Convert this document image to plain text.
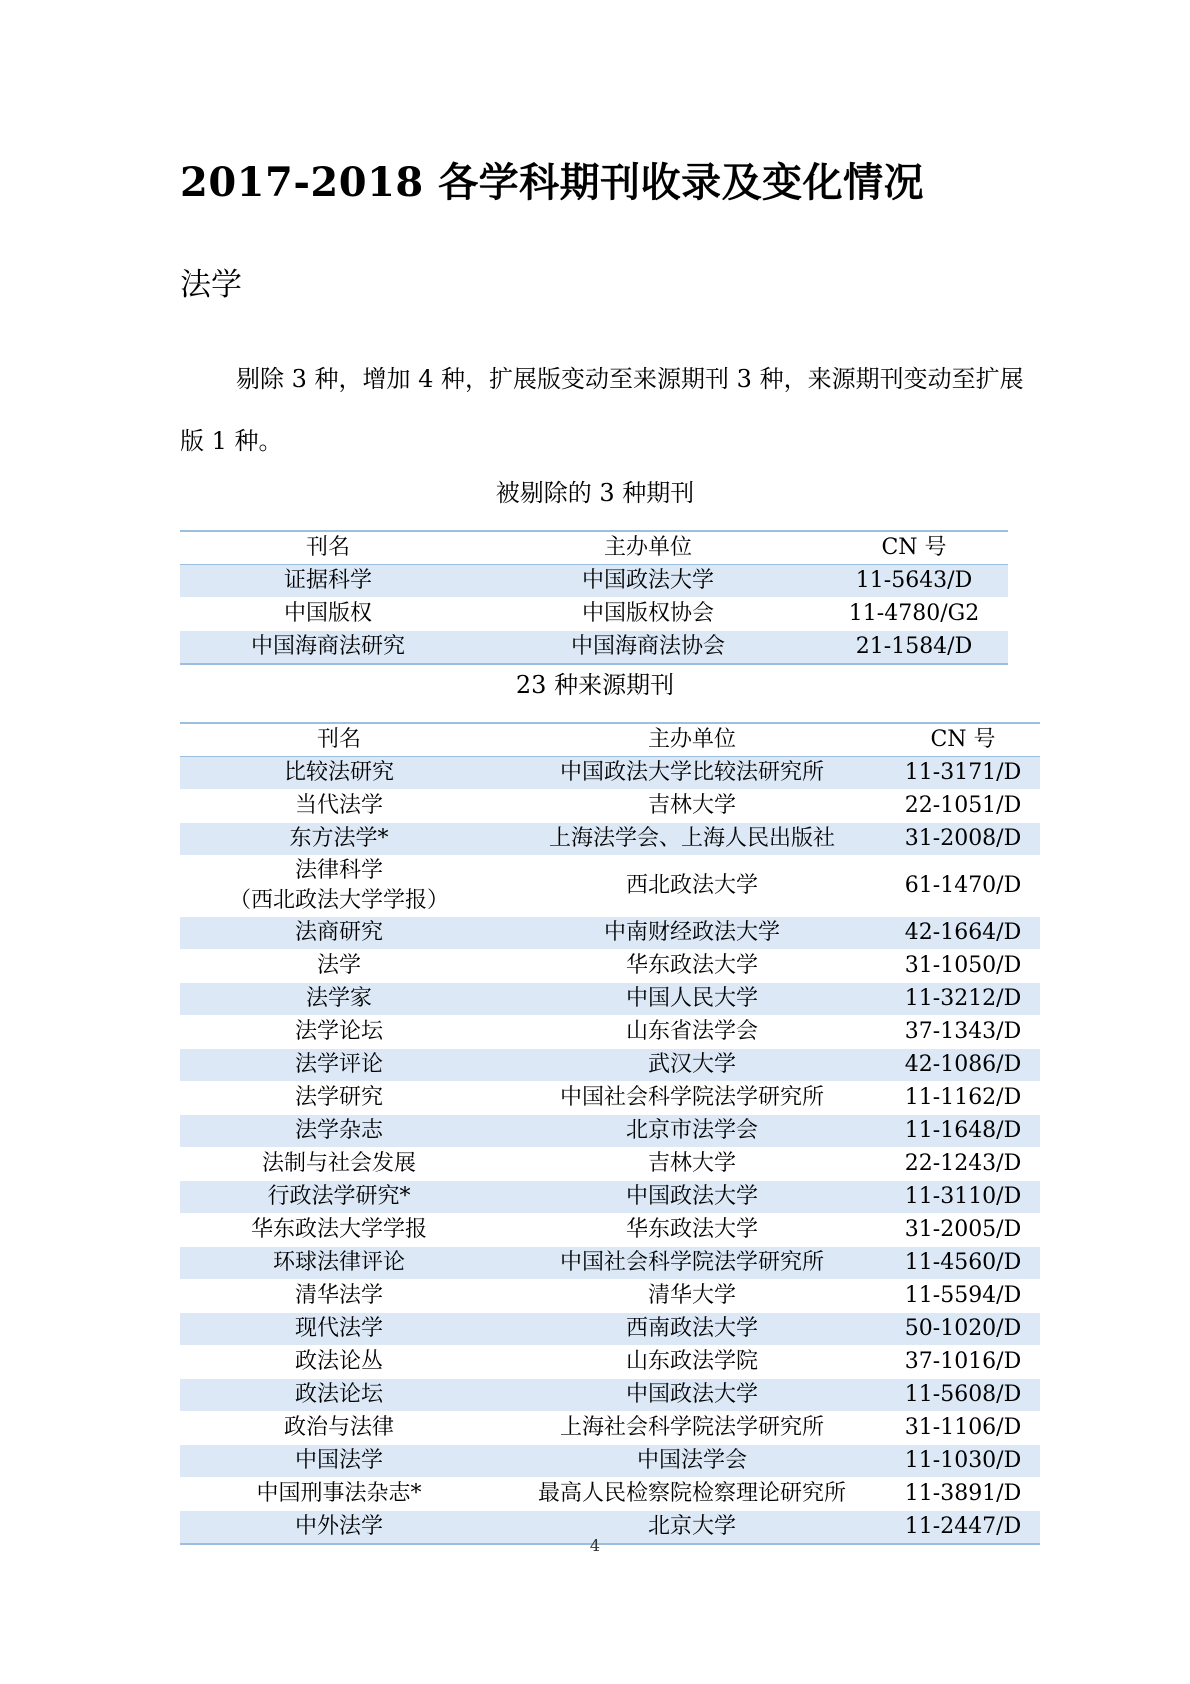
2017-2018 各学科期刊收录及变化情况
法学

剔除 3 种，增加 4 种，扩展版变动至来源期刊 3 种，来源期刊变动至扩展版 1 种。

被剔除的 3 种期刊

刊名	主办单位	CN 号
证据科学	中国政法大学	11-5643/D
中国版权	中国版权协会	11-4780/G2
中国海商法研究	中国海商法协会	21-1584/D

23 种来源期刊

刊名	主办单位	CN 号
比较法研究	中国政法大学比较法研究所	11-3171/D
当代法学	吉林大学	22-1051/D
东方法学*	上海法学会、上海人民出版社	31-2008/D
法律科学
（西北政法大学学报）	西北政法大学	61-1470/D
法商研究	中南财经政法大学	42-1664/D
法学	华东政法大学	31-1050/D
法学家	中国人民大学	11-3212/D
法学论坛	山东省法学会	37-1343/D
法学评论	武汉大学	42-1086/D
法学研究	中国社会科学院法学研究所	11-1162/D
法学杂志	北京市法学会	11-1648/D
法制与社会发展	吉林大学	22-1243/D
行政法学研究*	中国政法大学	11-3110/D
华东政法大学学报	华东政法大学	31-2005/D
环球法律评论	中国社会科学院法学研究所	11-4560/D
清华法学	清华大学	11-5594/D
现代法学	西南政法大学	50-1020/D
政法论丛	山东政法学院	37-1016/D
政法论坛	中国政法大学	11-5608/D
政治与法律	上海社会科学院法学研究所	31-1106/D
中国法学	中国法学会	11-1030/D
中国刑事法杂志*	最高人民检察院检察理论研究所	11-3891/D
中外法学	北京大学	11-2447/D
4
